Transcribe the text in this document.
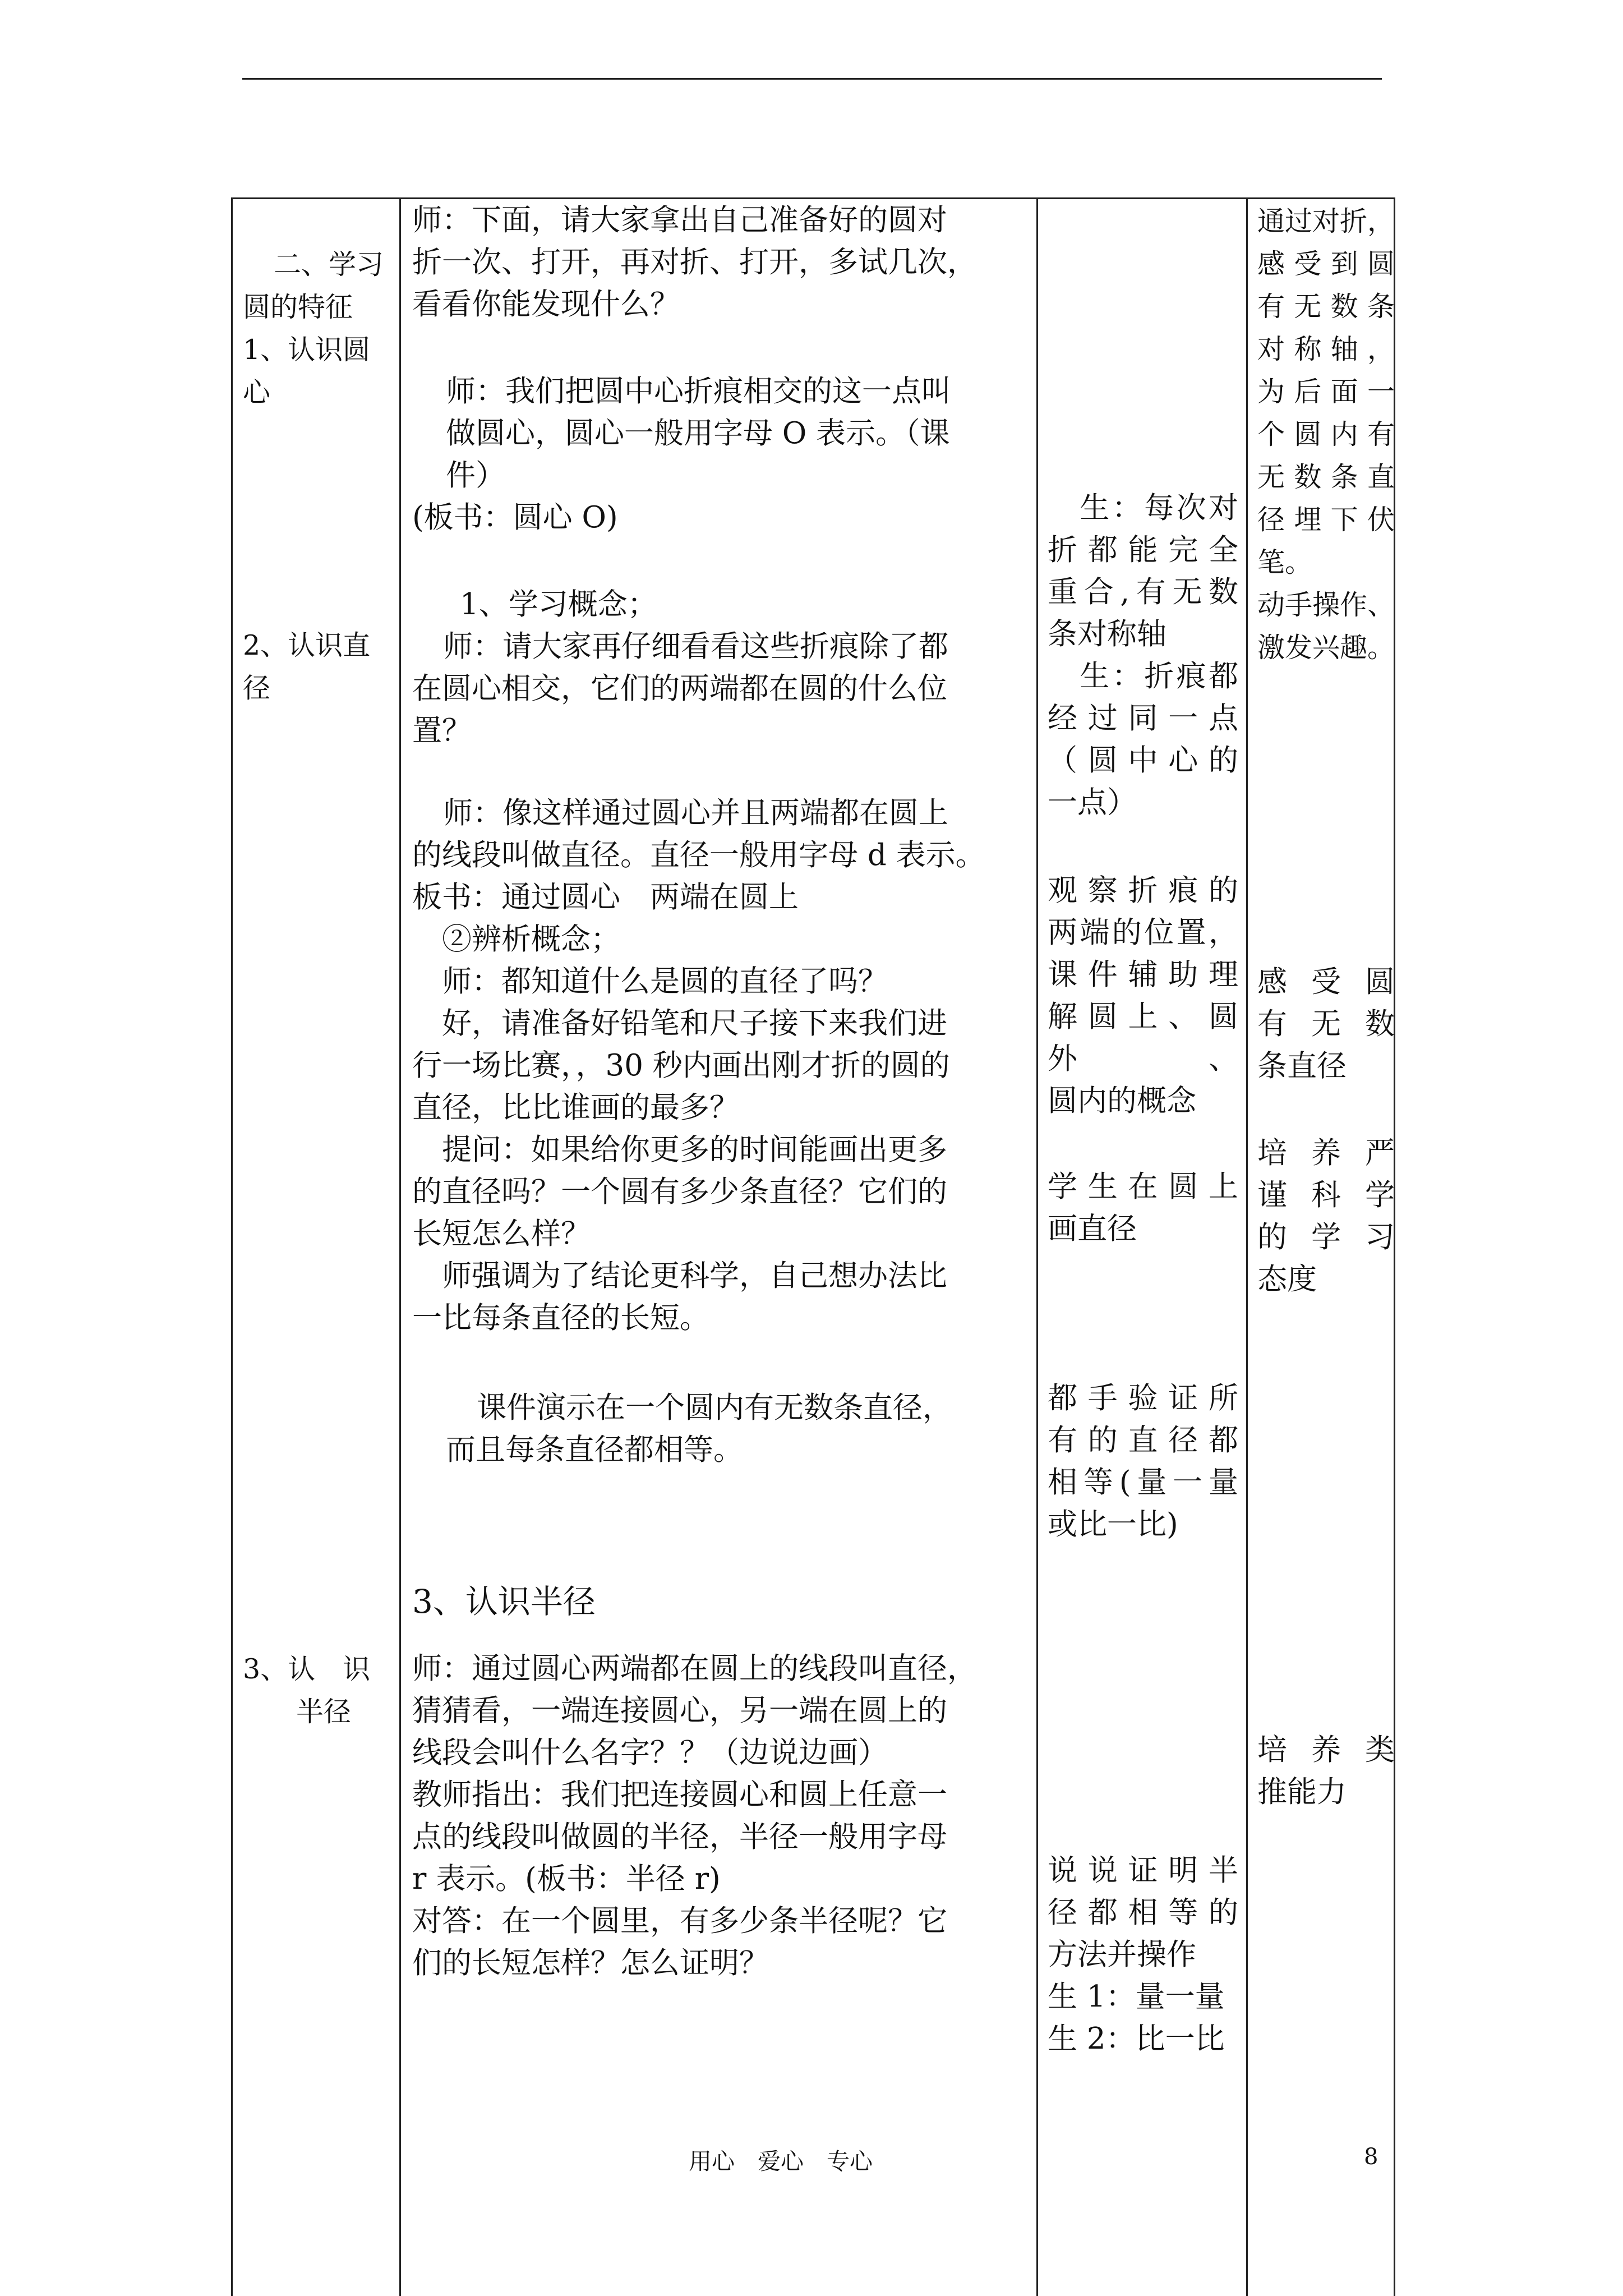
二、学习
圆的特征
1、认识圆
心
2、认识直
径
3、认　识
半径
师：下面，请大家拿出自己准备好的圆对
折一次、打开，再对折、打开，多试几次，
看看你能发现什么？
师：我们把圆中心折痕相交的这一点叫
做圆心，圆心一般用字母 O 表示。（课
件）
(板书：圆心 O)
1、学习概念；
师：请大家再仔细看看这些折痕除了都
在圆心相交，它们的两端都在圆的什么位
置？
师：像这样通过圆心并且两端都在圆上
的线段叫做直径。直径一般用字母 d 表示。
板书：通过圆心　两端在圆上
　②辨析概念；
　师：都知道什么是圆的直径了吗？
　好，请准备好铅笔和尺子接下来我们进
行一场比赛，，30 秒内画出刚才折的圆的
直径，比比谁画的最多？
　提问：如果给你更多的时间能画出更多
的直径吗？一个圆有多少条直径？它们的
长短怎么样？
　师强调为了结论更科学，自己想办法比
一比每条直径的长短。
课件演示在一个圆内有无数条直径，
而且每条直径都相等。
3、认识半径
师：通过圆心两端都在圆上的线段叫直径，
猜猜看，一端连接圆心，另一端在圆上的
线段会叫什么名字？？（边说边画）
教师指出：我们把连接圆心和圆上任意一
点的线段叫做圆的半径，半径一般用字母
r 表示。(板书：半径 r)
对答：在一个圆里，有多少条半径呢？它
们的长短怎样？怎么证明？
　生：每次对
折都能完全
重合,有无数
条对称轴
　生：折痕都
经过同一点
（圆中心的
一点）
观察折痕的
两端的位置，
课件辅助理
解圆上、圆外、
圆内的概念
学生在圆上
画直径
都手验证所
有的直径都
相等(量一量
或比一比)
说说证明半
径都相等的
方法并操作
生 1：量一量
生 2：比一比
通过对折，
感受到圆
有无数条
对称轴，
为后面一
个圆内有
无数条直
径埋下伏
笔。
动手操作、
激发兴趣。
感受圆
有无数
条直径
培养严
谨科学
的学习
态度
培养类
推能力
用心　爱心　专心	8
